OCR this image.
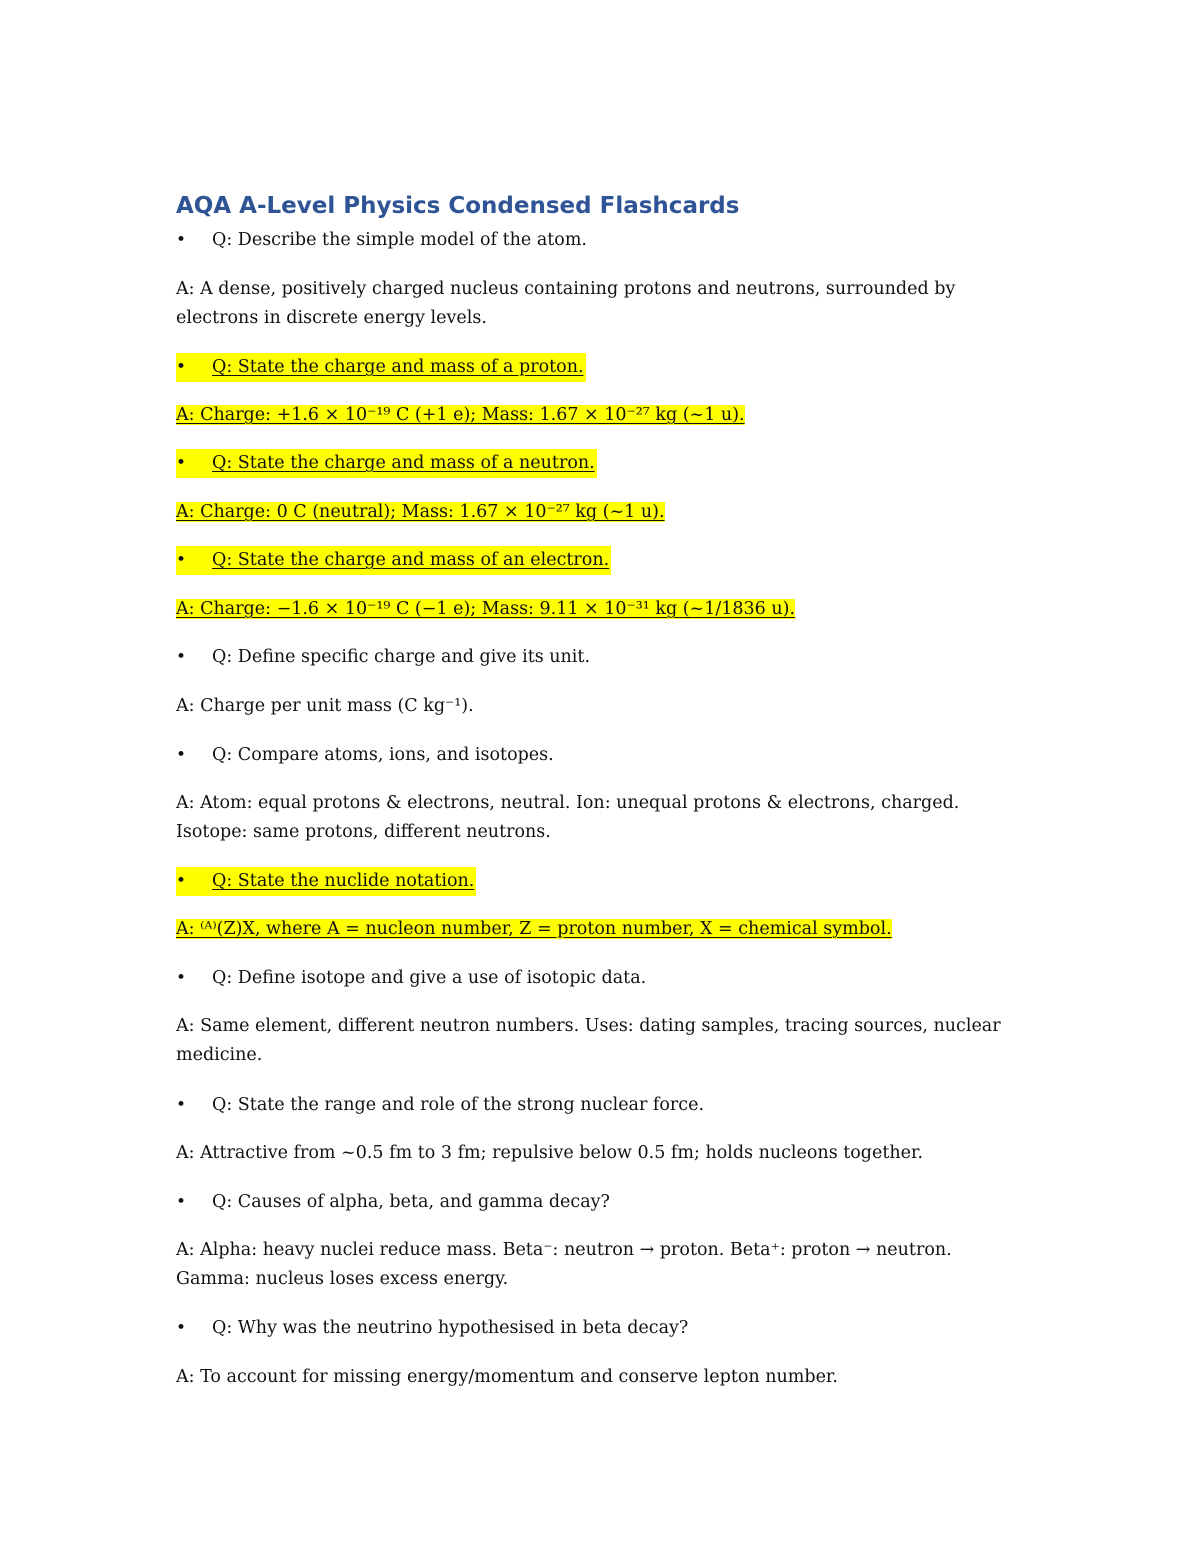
AQA A-Level Physics Condensed Flashcards

• Q: Describe the simple model of the atom.

A: A dense, positively charged nucleus containing protons and neutrons, surrounded by

electrons in discrete energy levels.

• Q: State the charge and mass of a proton.

A: Charge: +1.6 × 10⁻¹⁹ C (+1 e); Mass: 1.67 × 10⁻²⁷ kg (~1 u).

• Q: State the charge and mass of a neutron.

A: Charge: 0 C (neutral); Mass: 1.67 × 10⁻²⁷ kg (~1 u).

• Q: State the charge and mass of an electron.

A: Charge: −1.6 × 10⁻¹⁹ C (−1 e); Mass: 9.11 × 10⁻³¹ kg (~1/1836 u).

• Q: Define specific charge and give its unit.

A: Charge per unit mass (C kg⁻¹).

• Q: Compare atoms, ions, and isotopes.

A: Atom: equal protons & electrons, neutral. Ion: unequal protons & electrons, charged.

Isotope: same protons, different neutrons.

• Q: State the nuclide notation.

A: ⁽ᴬ⁾(Z)X, where A = nucleon number, Z = proton number, X = chemical symbol.

• Q: Define isotope and give a use of isotopic data.

A: Same element, different neutron numbers. Uses: dating samples, tracing sources, nuclear

medicine.

• Q: State the range and role of the strong nuclear force.

A: Attractive from ~0.5 fm to 3 fm; repulsive below 0.5 fm; holds nucleons together.

• Q: Causes of alpha, beta, and gamma decay?

A: Alpha: heavy nuclei reduce mass. Beta⁻: neutron → proton. Beta⁺: proton → neutron.

Gamma: nucleus loses excess energy.

• Q: Why was the neutrino hypothesised in beta decay?

A: To account for missing energy/momentum and conserve lepton number.
